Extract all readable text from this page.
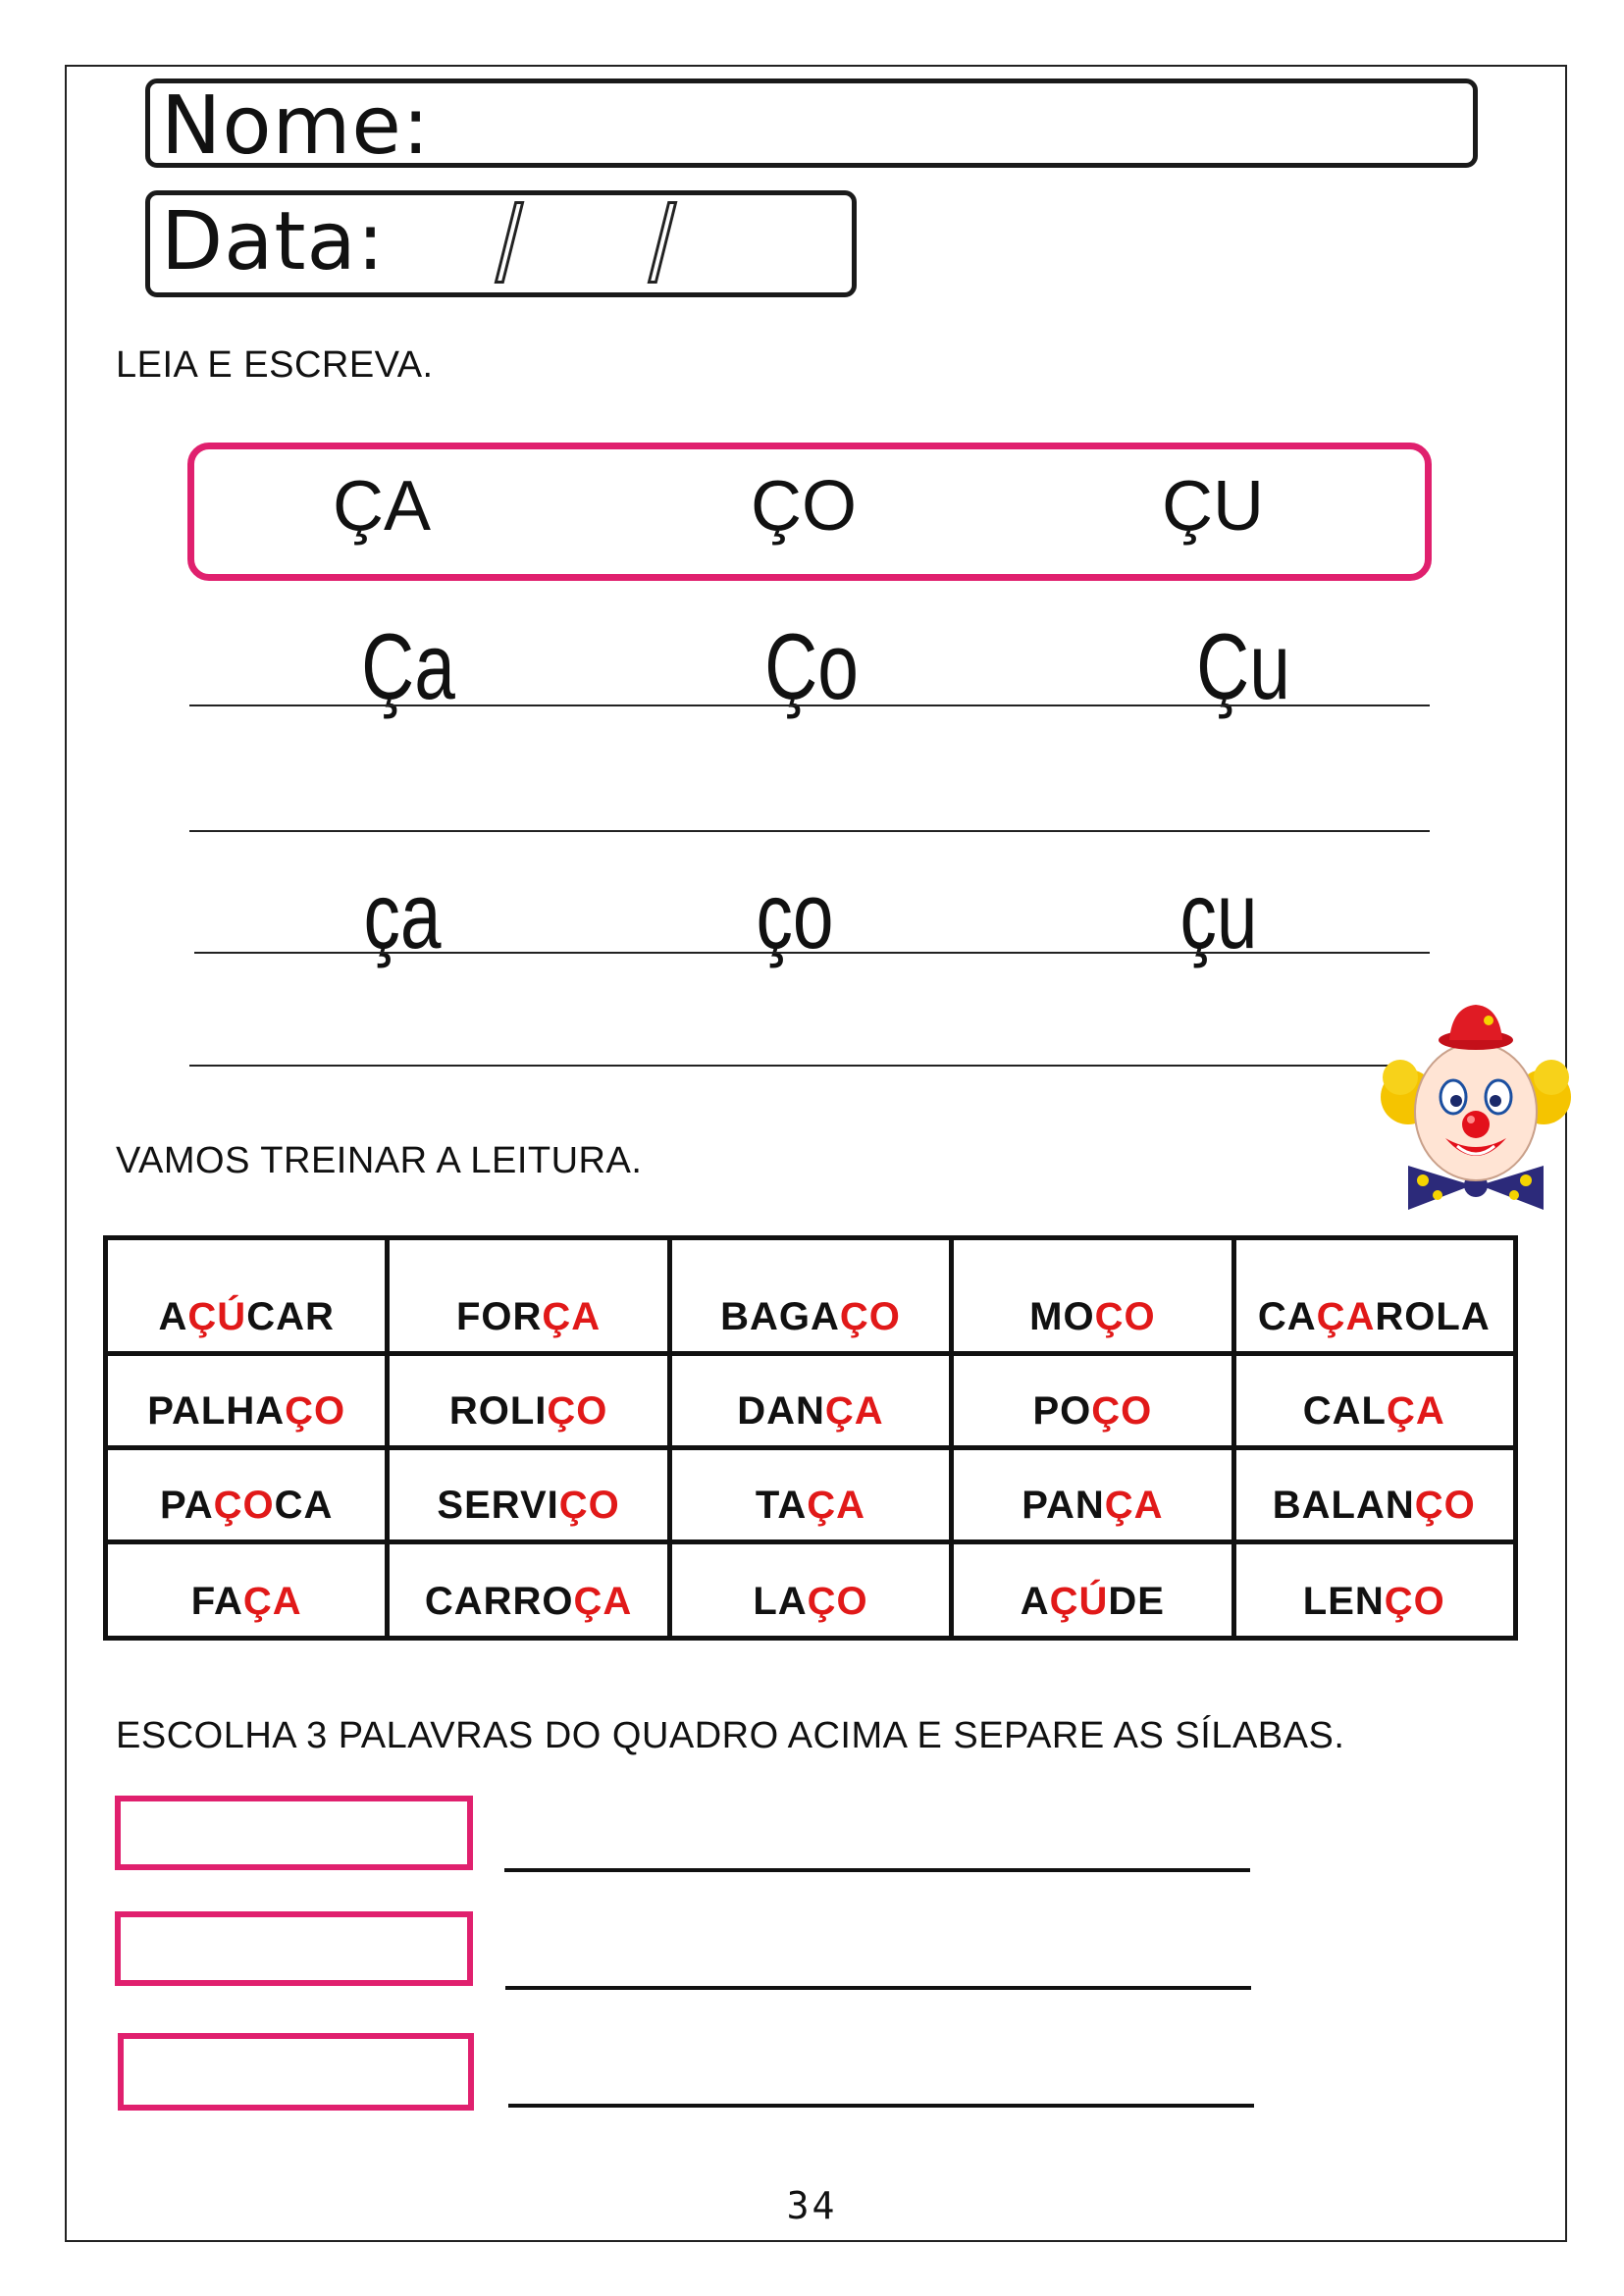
Nome:
Data:
LEIA E ESCREVA.
ÇA	ÇO	ÇU
Ça	Ço	Çu
ça	ço	çu
VAMOS TREINAR A LEITURA.
AÇÚCAR	FORÇA	BAGAÇO	MOÇO	CAÇAROLA
PALHAÇO	ROLIÇO	DANÇA	POÇO	CALÇA
PAÇOCA	SERVIÇO	TAÇA	PANÇA	BALANÇO
FAÇA	CARROÇA	LAÇO	AÇÚDE	LENÇO
ESCOLHA 3 PALAVRAS DO QUADRO ACIMA E SEPARE AS SÍLABAS.
34
